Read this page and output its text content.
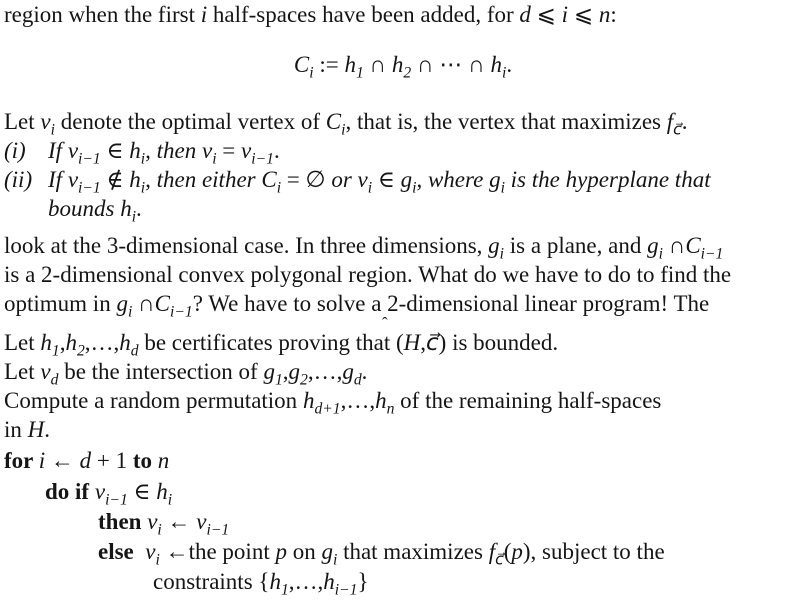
region when the first i half-spaces have been added, for d ⩽ i ⩽ n:
$C_i$ := $h_1$ ∩ $h_2$ ∩ ⋯ ∩ $h_i$.
Let $v_i$ denote the optimal vertex of $C_i$, that is, the vertex that maximizes $f_{c⃗}$.
(i) If $v_{i-1}$ ∈ $h_i$, then $v_i = v_{i-1}$.
(ii) If $v_{i-1}$ ∉ $h_i$, then either $C_i$ = ∅ or $v_i$ ∈ $g_i$, where $g_i$ is the hyperplane that
bounds $h_i$.
look at the 3-dimensional case. In three dimensions, $g_i$ is a plane, and $g_i$ $\cap C_{i-1}$
is a 2-dimensional convex polygonal region. What do we have to do to find the
optimum in $g_i$ $\cap C_{i-1}$? We have to solve a 2-dimensional linear program! The
Let $h_1,h_2,\dots,h_d$ be certificates proving that (H,c⃗) is bounded.
Let $v_d$ be the intersection of $g_1,g_2,\dots,g_d$.
Compute a random permutation $h_{d+1},\dots,h_n$ of the remaining half-spaces
in H.
for i ← d + 1 to n
do if $v_{i-1}$ ∈ $h_i$
then $v_i$ ← $v_{i-1}$
else $v_i$ ←the point p on $g_i$ that maximizes $f_{c⃗}(p)$, subject to the
constraints $\{h_1,\dots,h_{i-1}\}$
ˆ
